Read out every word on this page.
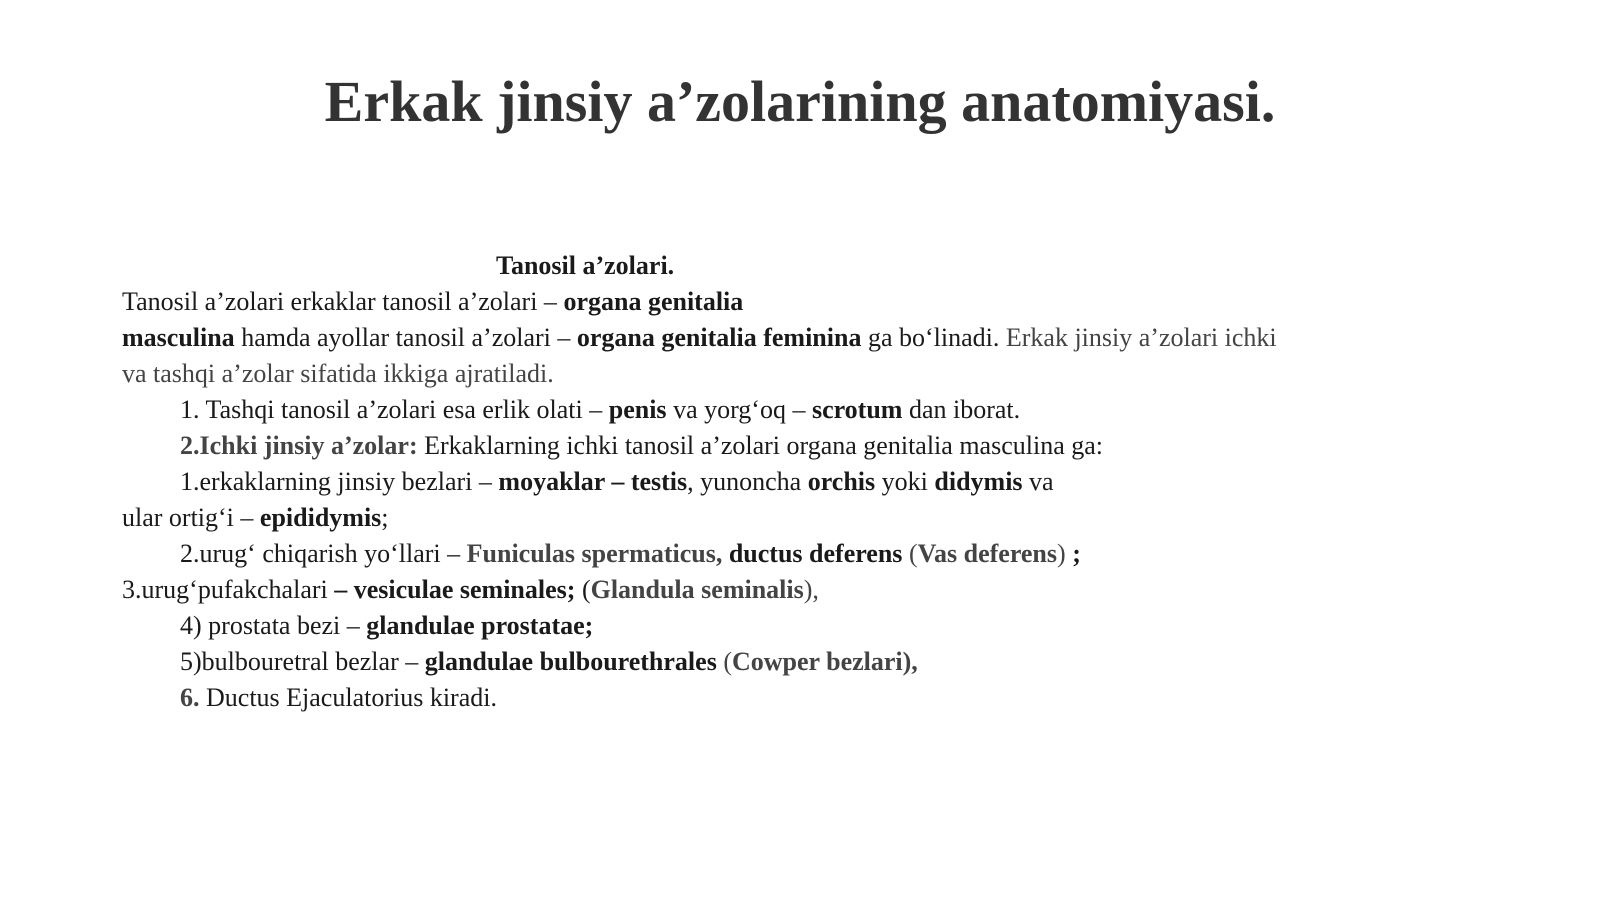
Erkak jinsiy a’zolarining anatomiyasi.
Tanosil a’zolari.
Tanosil a’zolari erkaklar tanosil a’zolari – organa genitalia
masculina hamda ayollar tanosil a’zolari – organa genitalia feminina ga bo‘linadi. Erkak jinsiy a’zolari ichki
va tashqi a’zolar sifatida ikkiga ajratiladi.
1. Tashqi tanosil a’zolari esa erlik olati – penis va yorg‘oq – scrotum dan iborat.
2.Ichki jinsiy a’zolar: Erkaklarning ichki tanosil a’zolari organa genitalia masculina ga:
1.erkaklarning jinsiy bezlari – moyaklar – testis, yunoncha orchis yoki didymis va
ular ortig‘i – epididymis;
2.urug‘ chiqarish yo‘llari – Funiculas spermaticus, ductus deferens (Vas deferens) ;
3.urug‘pufakchalari – vesiculae seminales; (Glandula seminalis),
4) prostata bezi – glandulae prostatae;
5)bulbouretral bezlar – glandulae bulbourethrales (Cowper bezlari),
6. Ductus Ejaculatorius kiradi.
